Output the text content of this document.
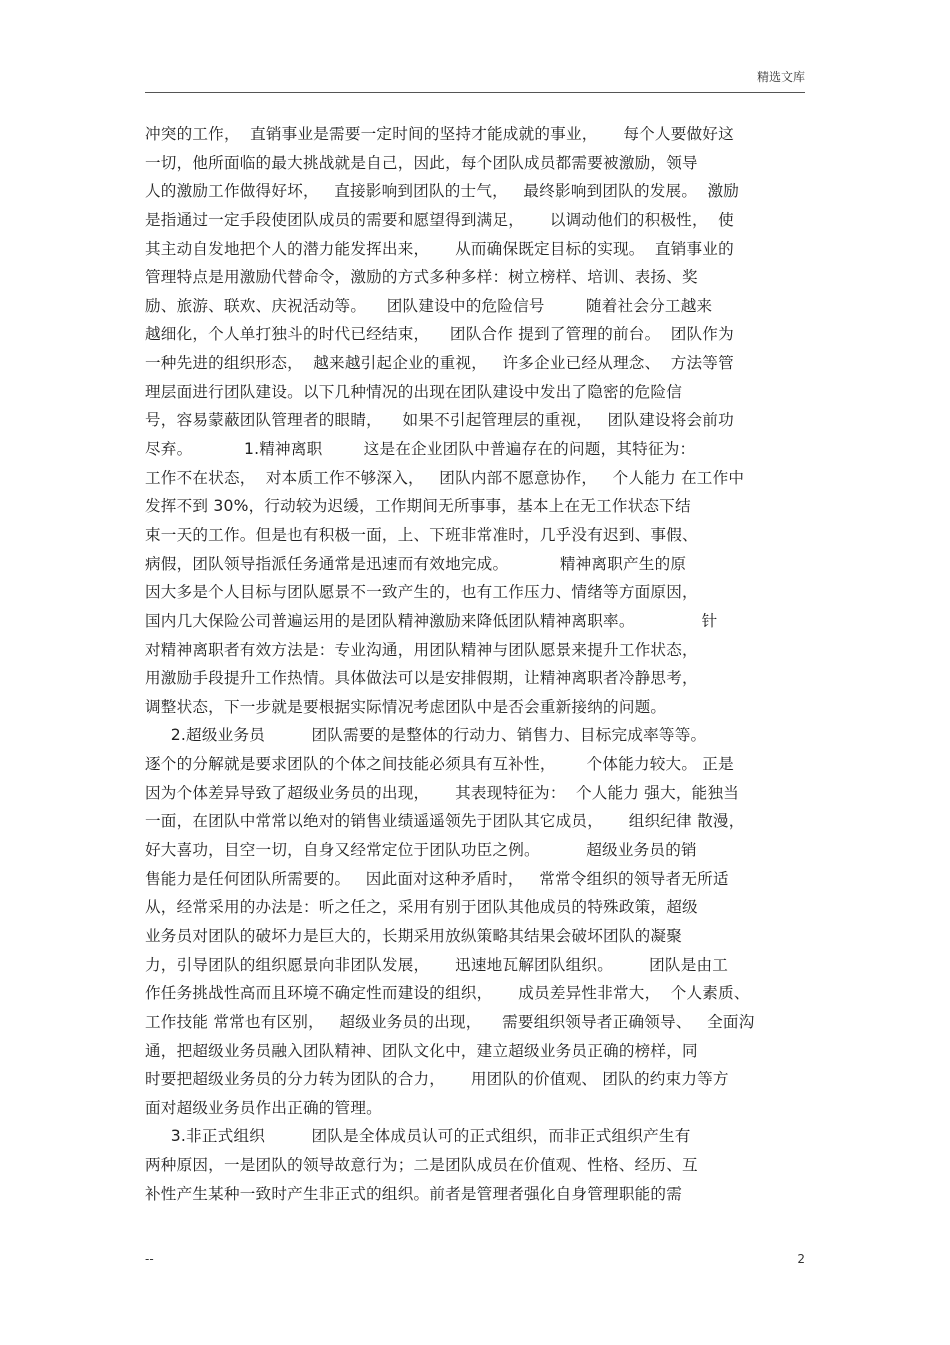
精选文库
冲突的工作，  直销事业是需要一定时间的坚持才能成就的事业，     每个人要做好这
一切，他所面临的最大挑战就是自己，因此，每个团队成员都需要被激励，领导
人的激励工作做得好坏，   直接影响到团队的士气，   最终影响到团队的发展。  激励
是指通过一定手段使团队成员的需要和愿望得到满足，     以调动他们的积极性，  使
其主动自发地把个人的潜力能发挥出来，     从而确保既定目标的实现。  直销事业的
管理特点是用激励代替命令，激励的方式多种多样：树立榜样、培训、表扬、奖
励、旅游、联欢、庆祝活动等。    团队建设中的危险信号        随着社会分工越来
越细化，个人单打独斗的时代已经结束，    团队合作 提到了管理的前台。  团队作为
一种先进的组织形态，  越来越引起企业的重视，   许多企业已经从理念、  方法等管
理层面进行团队建设。以下几种情况的出现在团队建设中发出了隐密的危险信
号，容易蒙蔽团队管理者的眼睛，    如果不引起管理层的重视，   团队建设将会前功
尽弃。          1.精神离职        这是在企业团队中普遍存在的问题，其特征为：
工作不在状态，  对本质工作不够深入，   团队内部不愿意协作，   个人能力 在工作中
发挥不到 30%，行动较为迟缓，工作期间无所事事，基本上在无工作状态下结
束一天的工作。但是也有积极一面，上、下班非常准时，几乎没有迟到、事假、
病假，团队领导指派任务通常是迅速而有效地完成。          精神离职产生的原
因大多是个人目标与团队愿景不一致产生的，也有工作压力、情绪等方面原因，
国内几大保险公司普遍运用的是团队精神激励来降低团队精神离职率。             针
对精神离职者有效方法是：专业沟通，用团队精神与团队愿景来提升工作状态，
用激励手段提升工作热情。具体做法可以是安排假期，让精神离职者冷静思考，
调整状态，下一步就是要根据实际情况考虑团队中是否会重新接纳的问题。
2.超级业务员         团队需要的是整体的行动力、销售力、目标完成率等等。
逐个的分解就是要求团队的个体之间技能必须具有互补性，      个体能力较大。 正是
因为个体差异导致了超级业务员的出现，     其表现特征为：  个人能力 强大，能独当
一面，在团队中常常以绝对的销售业绩遥遥领先于团队其它成员，     组织纪律 散漫，
好大喜功，目空一切，自身又经常定位于团队功臣之例。         超级业务员的销
售能力是任何团队所需要的。   因此面对这种矛盾时，   常常令组织的领导者无所适
从，经常采用的办法是：听之任之，采用有别于团队其他成员的特殊政策，超级
业务员对团队的破坏力是巨大的，长期采用放纵策略其结果会破坏团队的凝聚
力，引导团队的组织愿景向非团队发展，     迅速地瓦解团队组织。       团队是由工
作任务挑战性高而且环境不确定性而建设的组织，     成员差异性非常大，  个人素质、
工作技能 常常也有区别，   超级业务员的出现，    需要组织领导者正确领导、   全面沟
通，把超级业务员融入团队精神、团队文化中，建立超级业务员正确的榜样，同
时要把超级业务员的分力转为团队的合力，     用团队的价值观、 团队的约束力等方
面对超级业务员作出正确的管理。
3.非正式组织         团队是全体成员认可的正式组织，而非正式组织产生有
两种原因，一是团队的领导故意行为；二是团队成员在价值观、性格、经历、互
补性产生某种一致时产生非正式的组织。前者是管理者强化自身管理职能的需
--	2
